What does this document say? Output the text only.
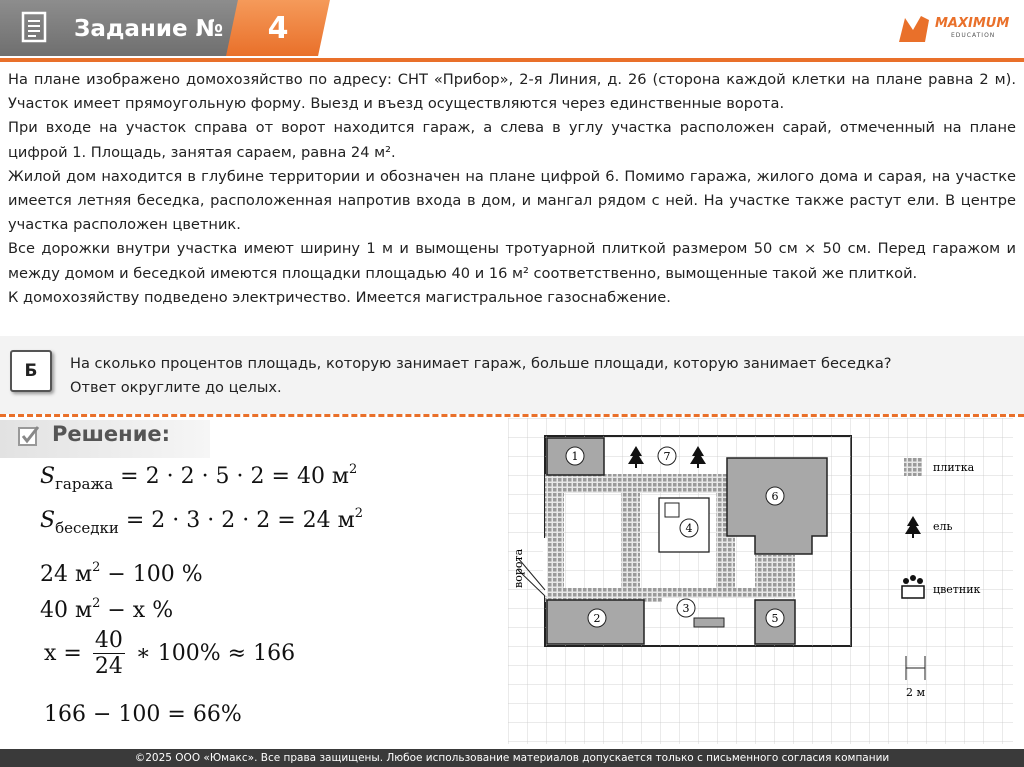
Задание №	4	MAXIMUM
EDUCATION

На плане изображено домохозяйство по адресу: СНТ «Прибор», 2-я Линия, д. 26 (сторона каждой клетки на плане равна 2 м). Участок имеет прямоугольную форму. Выезд и въезд осуществляются через единственные ворота.

При входе на участок справа от ворот находится гараж, а слева в углу участка расположен сарай, отмеченный на плане цифрой 1. Площадь, занятая сараем, равна 24 м².

Жилой дом находится в глубине территории и обозначен на плане цифрой 6. Помимо гаража, жилого дома и сарая, на участке имеется летняя беседка, расположенная напротив входа в дом, и мангал рядом с ней. На участке также растут ели. В центре участка расположен цветник.

Все дорожки внутри участка имеют ширину 1 м и вымощены тротуарной плиткой размером 50 см × 50 см. Перед гаражом и между домом и беседкой имеются площадки площадью 40 и 16 м² соответственно, вымощенные такой же плиткой.

К домохозяйству подведено электричество. Имеется магистральное газоснабжение.

Б	На сколько процентов площадь, которую занимает гараж, больше площади, которую занимает беседка? Ответ округлите до целых.
Решение:
$S_{гаража} = 2 \cdot 2 \cdot 5 \cdot 2 = 40$ $м^2$
$S_{беседки} = 2 \cdot 3 \cdot 2 \cdot 2 = 24$ $м^2$
24 $м^2 - 100$ %
40 $м^2 - x$ %
$x = \frac{40}{24}$ ∗ 100% ≈ 166
166 − 100 = 66%
ворота
1	7
6
4
3
2	5
плитка
ель
цветник
2 м
©2025 ООО «Юмакс». Все права защищены. Любое использование материалов допускается только с письменного согласия компании
